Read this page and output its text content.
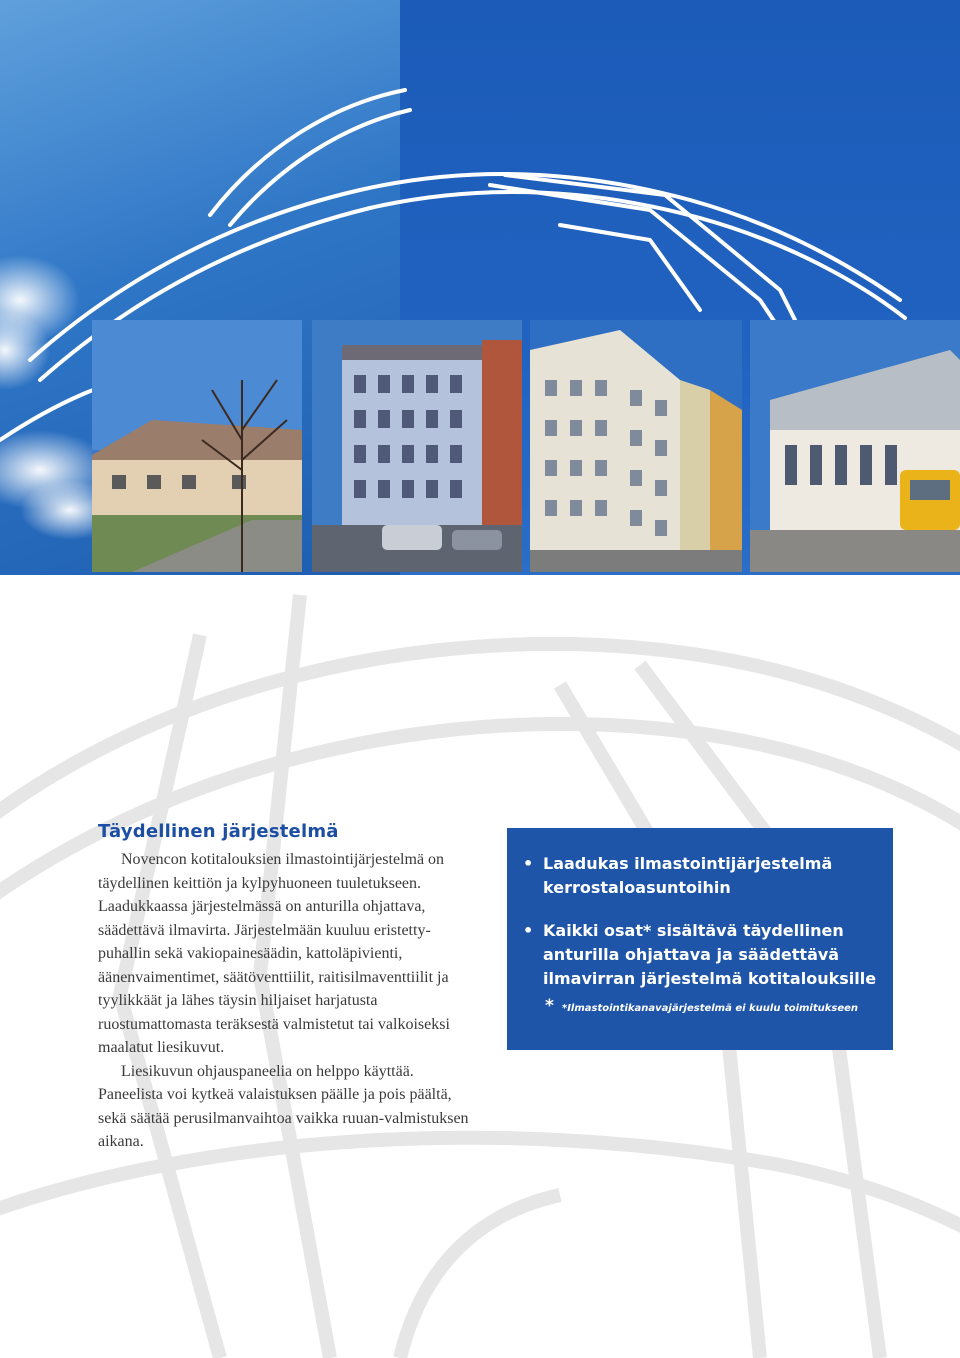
Täydellinen järjestelmä

Novencon kotitalouksien ilmastointijärjestelmä on täydellinen keittiön ja kylpyhuoneen tuuletukseen. Laadukkaassa järjestelmässä on anturilla ohjattava, säädettävä ilmavirta. Järjestelmään kuuluu eristetty-puhallin sekä vakiopainesäädin, kattoläpivienti, äänenvaimentimet, säätöventtiilit, raitisilmaventtiilit ja tyylikkäät ja lähes täysin hiljaiset harjatusta ruostumattomasta teräksestä valmistetut tai valkoiseksi maalatut liesikuvut.

Liesikuvun ohjauspaneelia on helppo käyttää. Paneelista voi kytkeä valaistuksen päälle ja pois päältä, sekä säätää perusilmanvaihtoa vaikka ruuan-valmistuksen aikana.

• Laadukas ilmastointijärjestelmä kerrostaloasuntoihin
• Kaikki osat* sisältävä täydellinen anturilla ohjattava ja säädettävä ilmavirran järjestelmä kotitalouksille
* *Ilmastointikanavajärjestelmä ei kuulu toimitukseen
